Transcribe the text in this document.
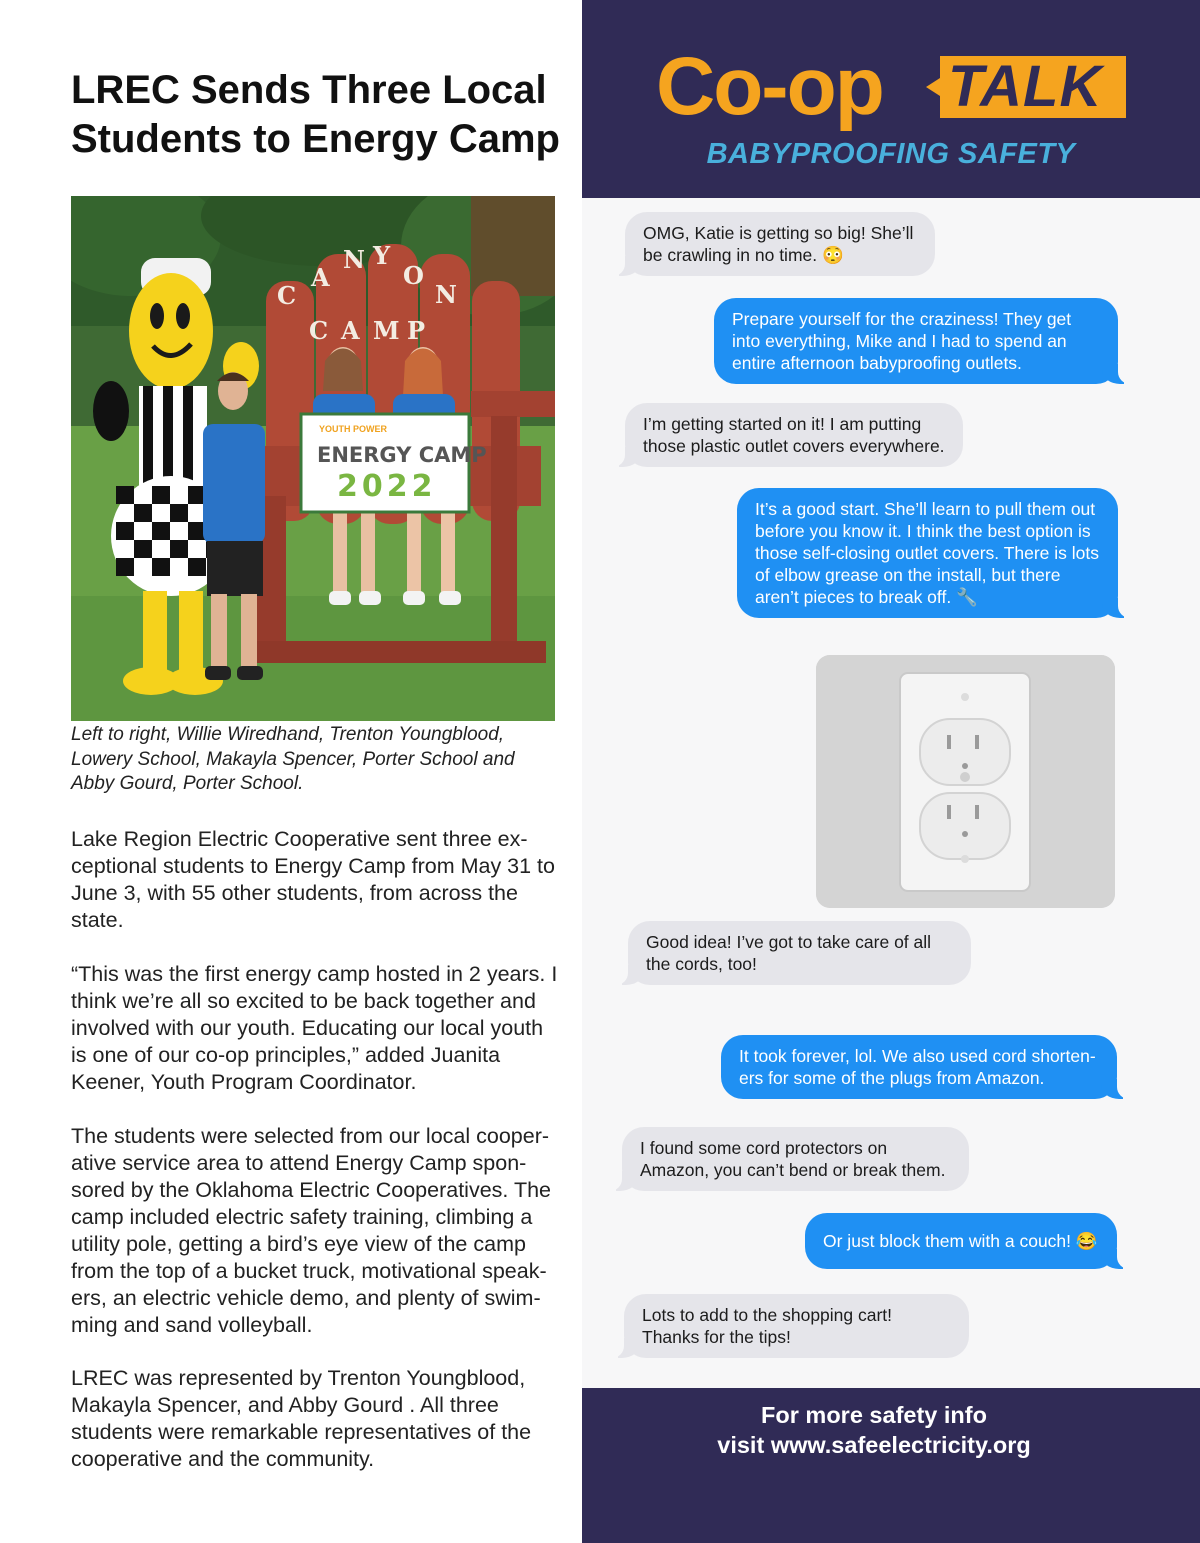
LREC Sends Three Local
Students to Energy Camp
C
A
N Y
O
N
C A M P
YOUTH POWER
ENERGY CAMP
2022

Left to right, Willie Wiredhand, Trenton Youngblood, Lowery School, Makayla Spencer, Porter School and Abby Gourd, Porter School.

Lake Region Electric Cooperative sent three ex-ceptional students to Energy Camp from May 31 to June 3, with 55 other students, from across the state.

“This was the first energy camp hosted in 2 years. I think we’re all so excited to be back together and involved with our youth. Educating our local youth is one of our co-op principles,” added Juanita Keener, Youth Program Coordinator.

The students were selected from our local cooper-ative service area to attend Energy Camp spon-sored by the Oklahoma Electric Cooperatives. The camp included electric safety training, climbing a utility pole, getting a bird’s eye view of the camp from the top of a bucket truck, motivational speak-ers, an electric vehicle demo, and plenty of swim-ming and sand volleyball.

LREC was represented by Trenton Youngblood, Makayla Spencer, and Abby Gourd . All three students were remarkable representatives of the cooperative and the community.

Co-op TALK
BABYPROOFING SAFETY
OMG, Katie is getting so big! She’ll be crawling in no time. 😳
Prepare yourself for the craziness! They get into everything, Mike and I had to spend an entire afternoon babyproofing outlets.
I’m getting started on it! I am putting those plastic outlet covers everywhere.
It’s a good start. She’ll learn to pull them out before you know it. I think the best option is those self-closing outlet covers. There is lots of elbow grease on the install, but there aren’t pieces to break off. 🔧
Good idea! I’ve got to take care of all the cords, too!
It took forever, lol. We also used cord shorten-ers for some of the plugs from Amazon.
I found some cord protectors on Amazon, you can’t bend or break them.
Or just block them with a couch! 😂
Lots to add to the shopping cart! Thanks for the tips!
For more safety info
visit www.safeelectricity.org
